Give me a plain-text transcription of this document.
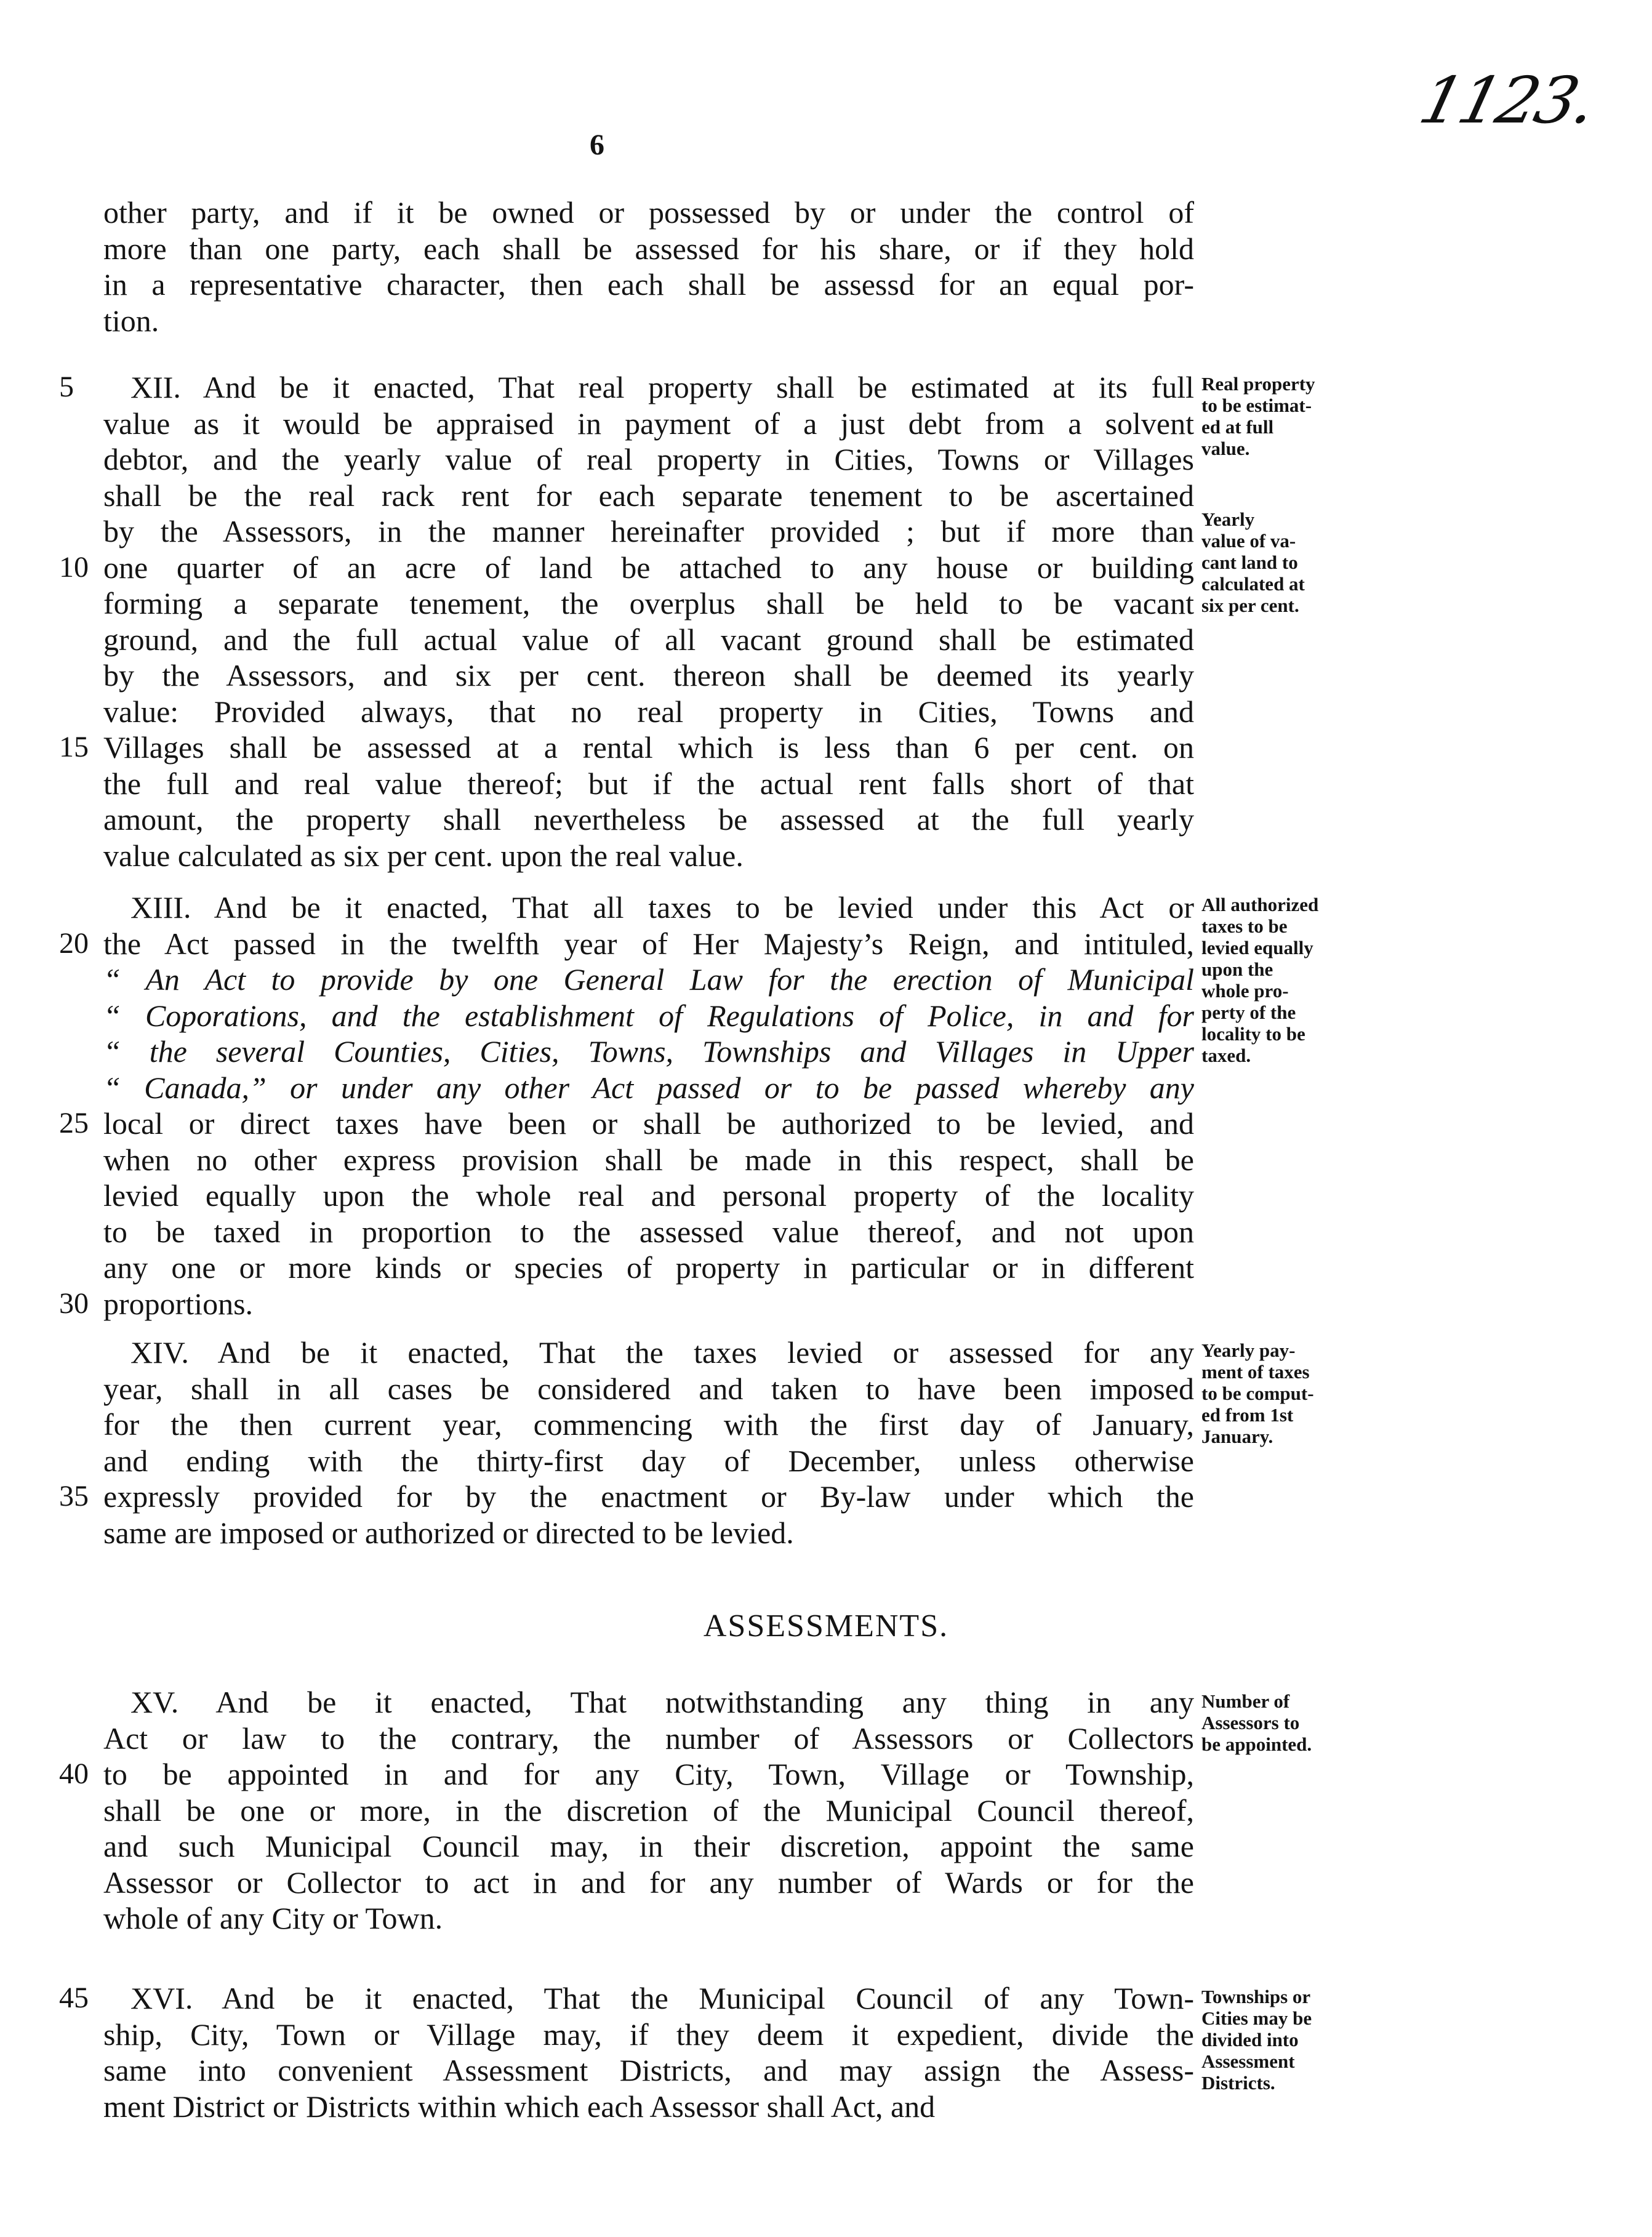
6
1123.
other party, and if it be owned or possessed by or under the control of
more than one party, each shall be assessed for his share, or if they hold
in a representative character, then each shall be assessd for an equal por-
tion.
5	XII. And be it enacted, That real property shall be estimated at its full
value as it would be appraised in payment of a just debt from a solvent
debtor, and the yearly value of real property in Cities, Towns or Villages
shall be the real rack rent for each separate tenement to be ascertained
by the Assessors, in the manner hereinafter provided ; but if more than
10 one quarter of an acre of land be attached to any house or building
forming a separate tenement, the overplus shall be held to be vacant
ground, and the full actual value of all vacant ground shall be estimated
by the Assessors, and six per cent. thereon shall be deemed its yearly
value: Provided always, that no real property in Cities, Towns and
15 Villages shall be assessed at a rental which is less than 6 per cent. on
the full and real value thereof; but if the actual rent falls short of that
amount, the property shall nevertheless be assessed at the full yearly
value calculated as six per cent. upon the real value.
Real property
to be estimat-
ed at full
value.
Yearly
value of va-
cant land to
calculated at
six per cent.
XIII. And be it enacted, That all taxes to be levied under this Act or
20 the Act passed in the twelfth year of Her Majesty’s Reign, and intituled,
“ An Act to provide by one General Law for the erection of Municipal
“ Coporations, and the establishment of Regulations of Police, in and for
“ the several Counties, Cities, Towns, Townships and Villages in Upper
“ Canada,” or under any other Act passed or to be passed whereby any
25 local or direct taxes have been or shall be authorized to be levied, and
when no other express provision shall be made in this respect, shall be
levied equally upon the whole real and personal property of the locality
to be taxed in proportion to the assessed value thereof, and not upon
any one or more kinds or species of property in particular or in different
30 proportions.
All authorized
taxes to be
levied equally
upon the
whole pro-
perty of the
locality to be
taxed.
XIV. And be it enacted, That the taxes levied or assessed for any
year, shall in all cases be considered and taken to have been imposed
for the then current year, commencing with the first day of January,
and ending with the thirty-first day of December, unless otherwise
35 expressly provided for by the enactment or By-law under which the
same are imposed or authorized or directed to be levied.
Yearly pay-
ment of taxes
to be comput-
ed from 1st
January.
ASSESSMENTS.
XV. And be it enacted, That notwithstanding any thing in any
Act or law to the contrary, the number of Assessors or Collectors
40 to be appointed in and for any City, Town, Village or Township,
shall be one or more, in the discretion of the Municipal Council thereof,
and such Municipal Council may, in their discretion, appoint the same
Assessor or Collector to act in and for any number of Wards or for the
whole of any City or Town.
Number of
Assessors to
be appointed.
45	XVI. And be it enacted, That the Municipal Council of any Town-
ship, City, Town or Village may, if they deem it expedient, divide the
same into convenient Assessment Districts, and may assign the Assess-
ment District or Districts within which each Assessor shall Act, and
Townships or
Cities may be
divided into
Assessment
Districts.
